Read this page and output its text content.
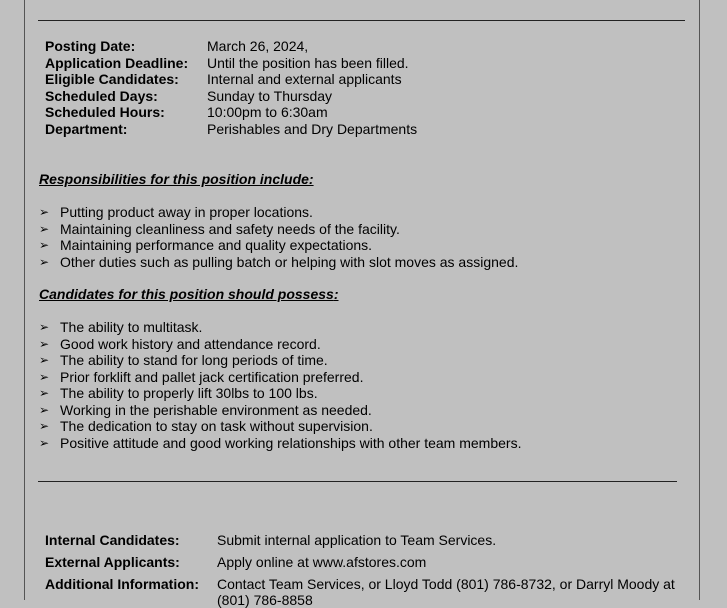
Posting Date:	March 26, 2024,
Application Deadline: Until the position has been filled.
Eligible Candidates: Internal and external applicants
Scheduled Days:	Sunday to Thursday
Scheduled Hours:	10:00pm to 6:30am
Department:	Perishables and Dry Departments
Responsibilities for this position include:
➢ Putting product away in proper locations.
➢ Maintaining cleanliness and safety needs of the facility.
➢ Maintaining performance and quality expectations.
➢ Other duties such as pulling batch or helping with slot moves as assigned.
Candidates for this position should possess:
➢ The ability to multitask.
➢ Good work history and attendance record.
➢ The ability to stand for long periods of time.
➢ Prior forklift and pallet jack certification preferred.
➢ The ability to properly lift 30lbs to 100 lbs.
➢ Working in the perishable environment as needed.
➢ The dedication to stay on task without supervision.
➢ Positive attitude and good working relationships with other team members.
Internal Candidates:	Submit internal application to Team Services.
External Applicants:	Apply online at www.afstores.com
Additional Information: Contact Team Services, or Lloyd Todd (801) 786-8732, or Darryl Moody at (801) 786-8858
